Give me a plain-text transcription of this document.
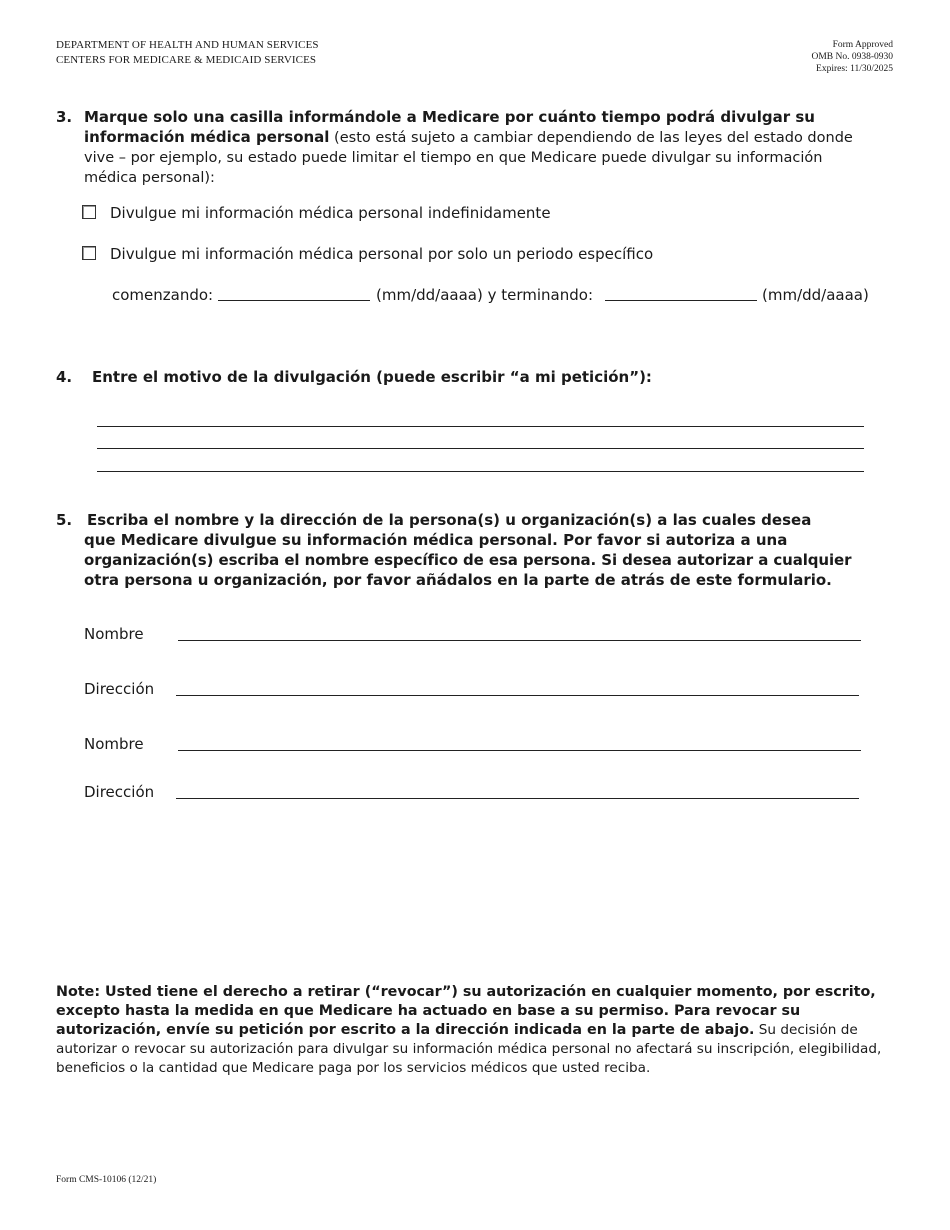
DEPARTMENT OF HEALTH AND HUMAN SERVICES
CENTERS FOR MEDICARE & MEDICAID SERVICES
Form Approved
OMB No. 0938-0930
Expires: 11/30/2025
3. Marque solo una casilla informándole a Medicare por cuánto tiempo podrá divulgar su
información médica personal (esto está sujeto a cambiar dependiendo de las leyes del estado donde
vive – por ejemplo, su estado puede limitar el tiempo en que Medicare puede divulgar su información
médica personal):
Divulgue mi información médica personal indefinidamente
Divulgue mi información médica personal por solo un periodo específico
comenzando:	(mm/dd/aaaa) y terminando:	(mm/dd/aaaa)
4. Entre el motivo de la divulgación (puede escribir “a mi petición”):
5. Escriba el nombre y la dirección de la persona(s) u organización(s) a las cuales desea
que Medicare divulgue su información médica personal. Por favor si autoriza a una
organización(s) escriba el nombre específico de esa persona. Si desea autorizar a cualquier
otra persona u organización, por favor añádalos en la parte de atrás de este formulario.
Nombre
Dirección
Nombre
Dirección
Note: Usted tiene el derecho a retirar (“revocar”) su autorización en cualquier momento, por escrito, excepto hasta la medida en que Medicare ha actuado en base a su permiso. Para revocar su autorización, envíe su petición por escrito a la dirección indicada en la parte de abajo. Su decisión de autorizar o revocar su autorización para divulgar su información médica personal no afectará su inscripción, elegibilidad, beneficios o la cantidad que Medicare paga por los servicios médicos que usted reciba.
Form CMS-10106 (12/21)
